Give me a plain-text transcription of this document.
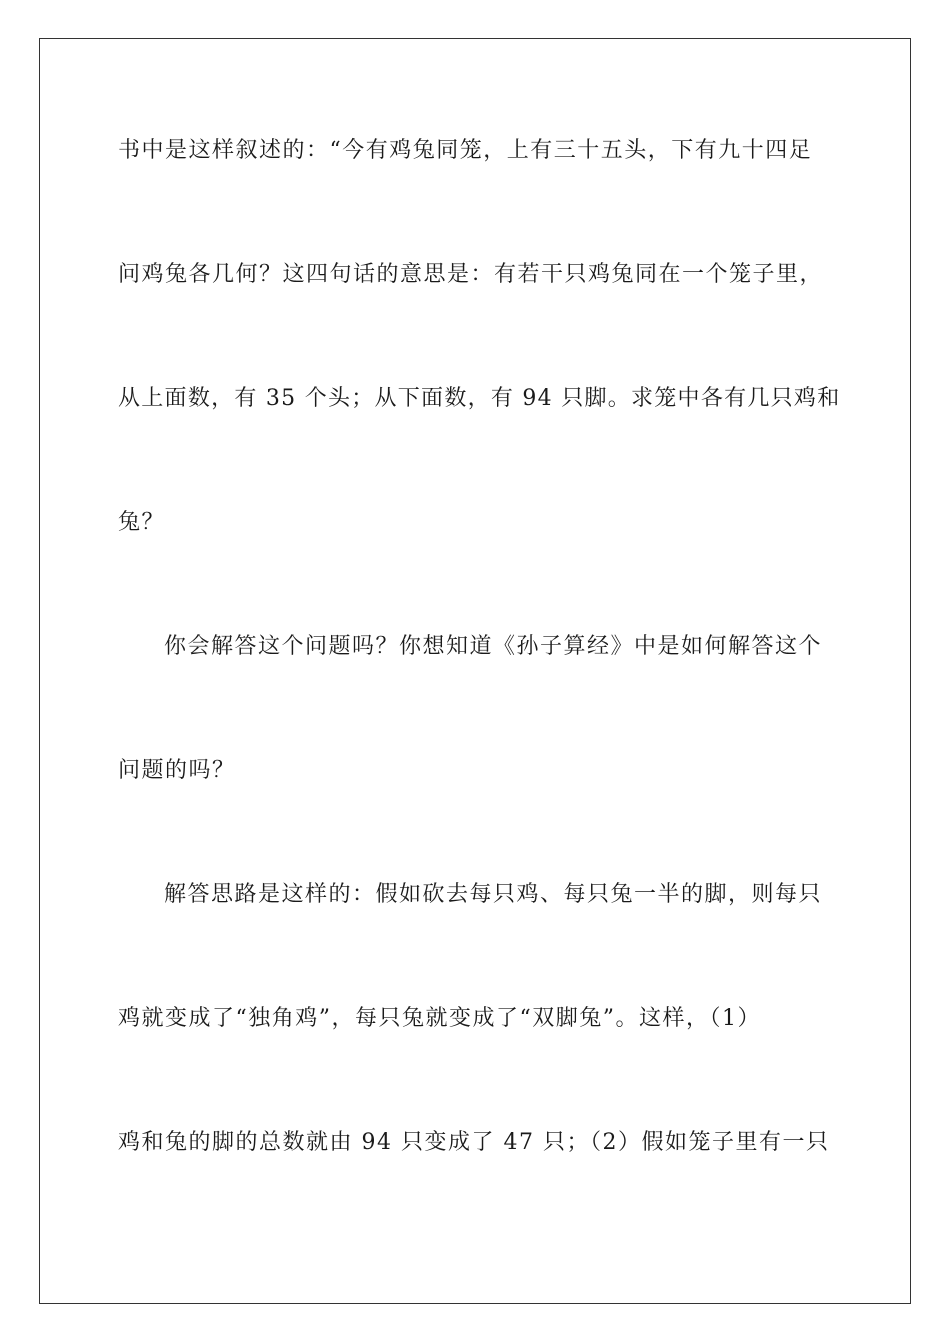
书中是这样叙述的：“今有鸡兔同笼，上有三十五头，下有九十四足
问鸡兔各几何？这四句话的意思是：有若干只鸡兔同在一个笼子里，
从上面数，有 35 个头；从下面数，有 94 只脚。求笼中各有几只鸡和
兔？
你会解答这个问题吗？你想知道《孙子算经》中是如何解答这个
问题的吗？
解答思路是这样的：假如砍去每只鸡、每只兔一半的脚，则每只
鸡就变成了“独角鸡”，每只兔就变成了“双脚兔”。这样，（1）
鸡和兔的脚的总数就由 94 只变成了 47 只；（2）假如笼子里有一只
